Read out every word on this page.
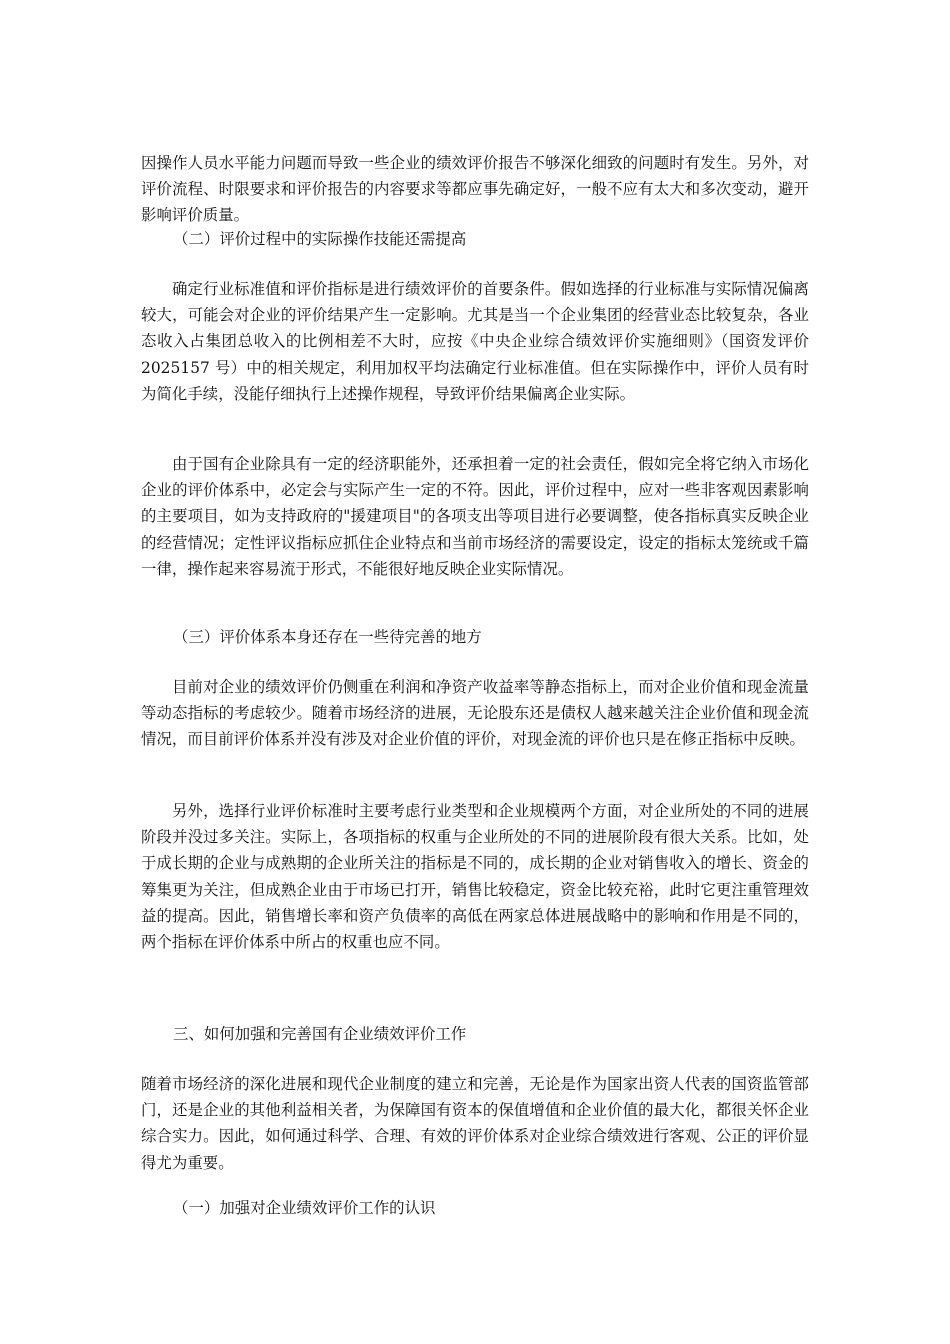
因操作人员水平能力问题而导致一些企业的绩效评价报告不够深化细致的问题时有发生。另外，对评价流程、时限要求和评价报告的内容要求等都应事先确定好，一般不应有太大和多次变动，避开影响评价质量。

（二）评价过程中的实际操作技能还需提高

确定行业标准值和评价指标是进行绩效评价的首要条件。假如选择的行业标准与实际情况偏离较大，可能会对企业的评价结果产生一定影响。尤其是当一个企业集团的经营业态比较复杂，各业态收入占集团总收入的比例相差不大时，应按《中央企业综合绩效评价实施细则》（国资发评价 2025157 号）中的相关规定，利用加权平均法确定行业标准值。但在实际操作中，评价人员有时为简化手续，没能仔细执行上述操作规程，导致评价结果偏离企业实际。

由于国有企业除具有一定的经济职能外，还承担着一定的社会责任，假如完全将它纳入市场化企业的评价体系中，必定会与实际产生一定的不符。因此，评价过程中，应对一些非客观因素影响的主要项目，如为支持政府的"援建项目"的各项支出等项目进行必要调整，使各指标真实反映企业的经营情况；定性评议指标应抓住企业特点和当前市场经济的需要设定，设定的指标太笼统或千篇一律，操作起来容易流于形式，不能很好地反映企业实际情况。

（三）评价体系本身还存在一些待完善的地方

目前对企业的绩效评价仍侧重在利润和净资产收益率等静态指标上，而对企业价值和现金流量等动态指标的考虑较少。随着市场经济的进展，无论股东还是债权人越来越关注企业价值和现金流情况，而目前评价体系并没有涉及对企业价值的评价，对现金流的评价也只是在修正指标中反映。

另外，选择行业评价标准时主要考虑行业类型和企业规模两个方面，对企业所处的不同的进展阶段并没过多关注。实际上，各项指标的权重与企业所处的不同的进展阶段有很大关系。比如，处于成长期的企业与成熟期的企业所关注的指标是不同的，成长期的企业对销售收入的增长、资金的筹集更为关注，但成熟企业由于市场已打开，销售比较稳定，资金比较充裕，此时它更注重管理效益的提高。因此，销售增长率和资产负债率的高低在两家总体进展战略中的影响和作用是不同的，两个指标在评价体系中所占的权重也应不同。

三、如何加强和完善国有企业绩效评价工作

随着市场经济的深化进展和现代企业制度的建立和完善，无论是作为国家出资人代表的国资监管部门，还是企业的其他利益相关者，为保障国有资本的保值增值和企业价值的最大化，都很关怀企业综合实力。因此，如何通过科学、合理、有效的评价体系对企业综合绩效进行客观、公正的评价显得尤为重要。

（一）加强对企业绩效评价工作的认识
